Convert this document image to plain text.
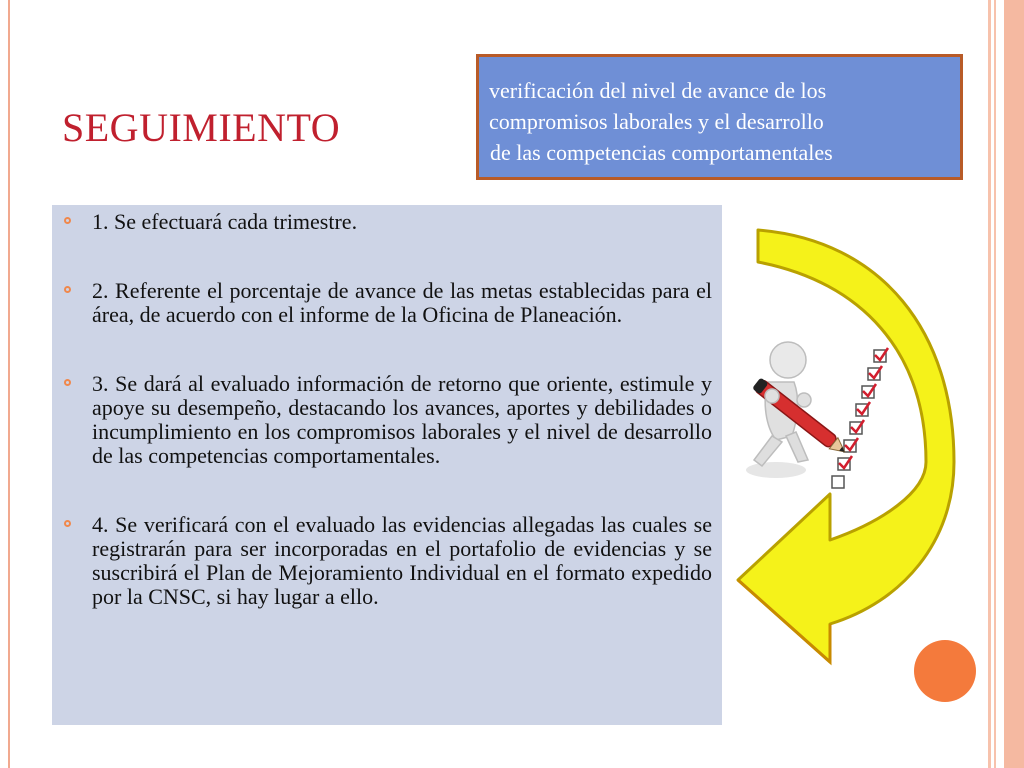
SEGUIMIENTO
verificación del nivel de avance de los
compromisos laborales y el desarrollo
de las competencias comportamentales

1. Se efectuará cada trimestre.

2. Referente el porcentaje de avance de las metas establecidas para el área, de acuerdo con el informe de la Oficina de Planeación.

3. Se dará al evaluado información de retorno que oriente, estimule y apoye su desempeño, destacando los avances, aportes y debilidades o incumplimiento en los compromisos laborales y el nivel de desarrollo de las competencias comportamentales.

4. Se verificará con el evaluado las evidencias allegadas las cuales se registrarán para ser incorporadas en el portafolio de evidencias y se suscribirá el Plan de Mejoramiento Individual en el formato expedido por la CNSC, si hay lugar a ello.
